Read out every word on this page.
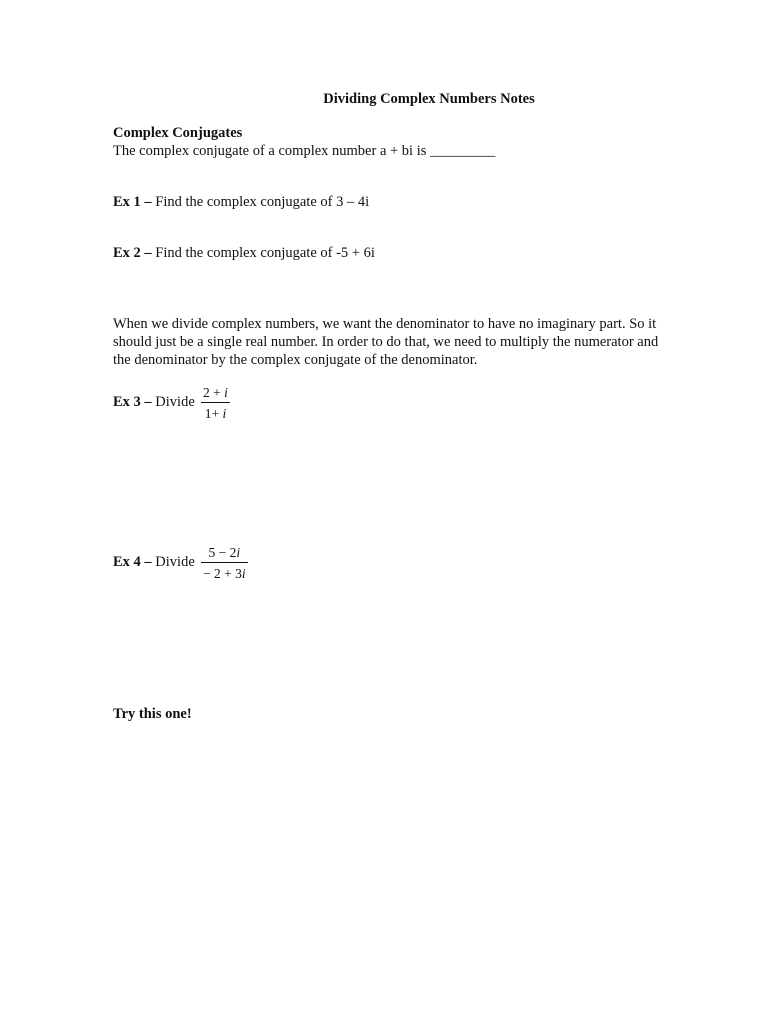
Dividing Complex Numbers Notes
Complex Conjugates
The complex conjugate of a complex number a + bi is _________
Ex 1 – Find the complex conjugate of 3 – 4i
Ex 2 – Find the complex conjugate of -5 + 6i
When we divide complex numbers, we want the denominator to have no imaginary part. So it should just be a single real number. In order to do that, we need to multiply the numerator and the denominator by the complex conjugate of the denominator.
Ex 3 – Divide
2 + i
1+ i
Ex 4 – Divide
5 − 2i
− 2 + 3i
Try this one!
